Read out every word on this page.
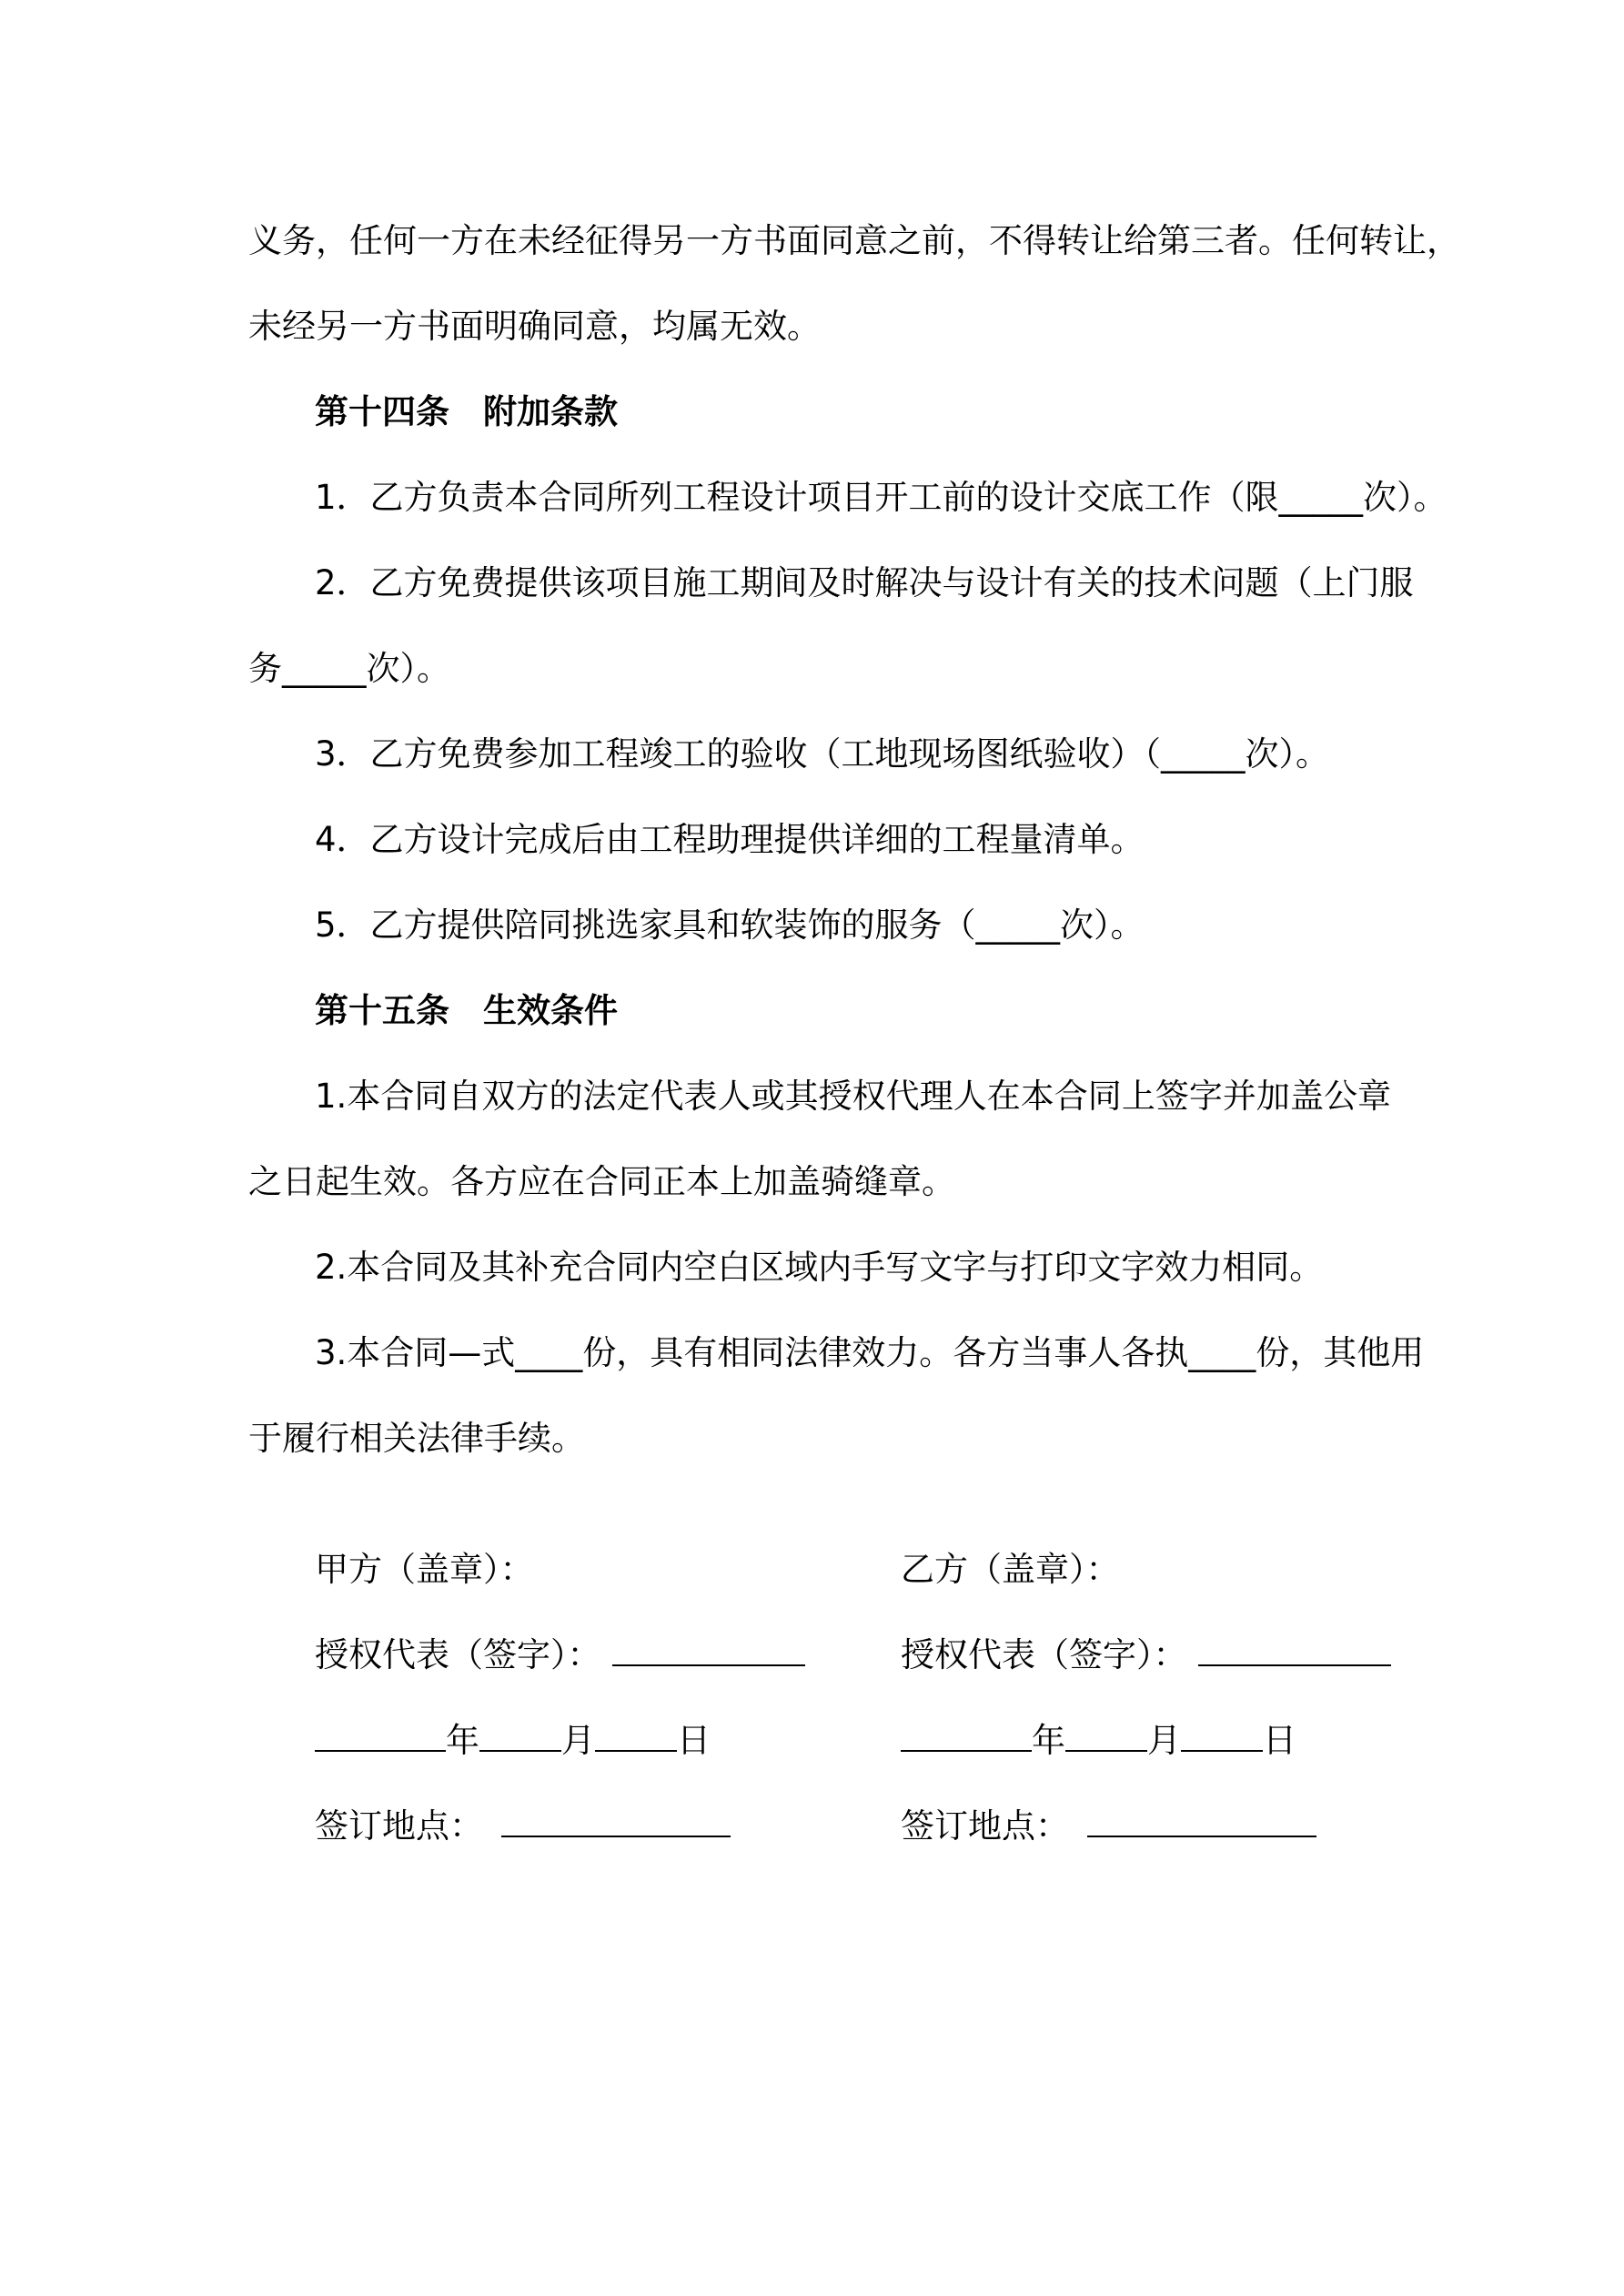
义务，任何一方在未经征得另一方书面同意之前，不得转让给第三者。任何转让，
未经另一方书面明确同意，均属无效。
第十四条　附加条款
1．乙方负责本合同所列工程设计项目开工前的设计交底工作（限_____次）。
2．乙方免费提供该项目施工期间及时解决与设计有关的技术问题（上门服
务_____次）。
3．乙方免费参加工程竣工的验收（工地现场图纸验收）（_____次）。
4．乙方设计完成后由工程助理提供详细的工程量清单。
5．乙方提供陪同挑选家具和软装饰的服务（_____次）。
第十五条　生效条件
1.本合同自双方的法定代表人或其授权代理人在本合同上签字并加盖公章
之日起生效。各方应在合同正本上加盖骑缝章。
2.本合同及其补充合同内空白区域内手写文字与打印文字效力相同。
3.本合同—式____份，具有相同法律效力。各方当事人各执____份，其他用
于履行相关法律手续。
甲方（盖章）：
授权代表（签字）：
年 月 日
签订地点：
乙方（盖章）：
授权代表（签字）：
年 月 日
签订地点：
